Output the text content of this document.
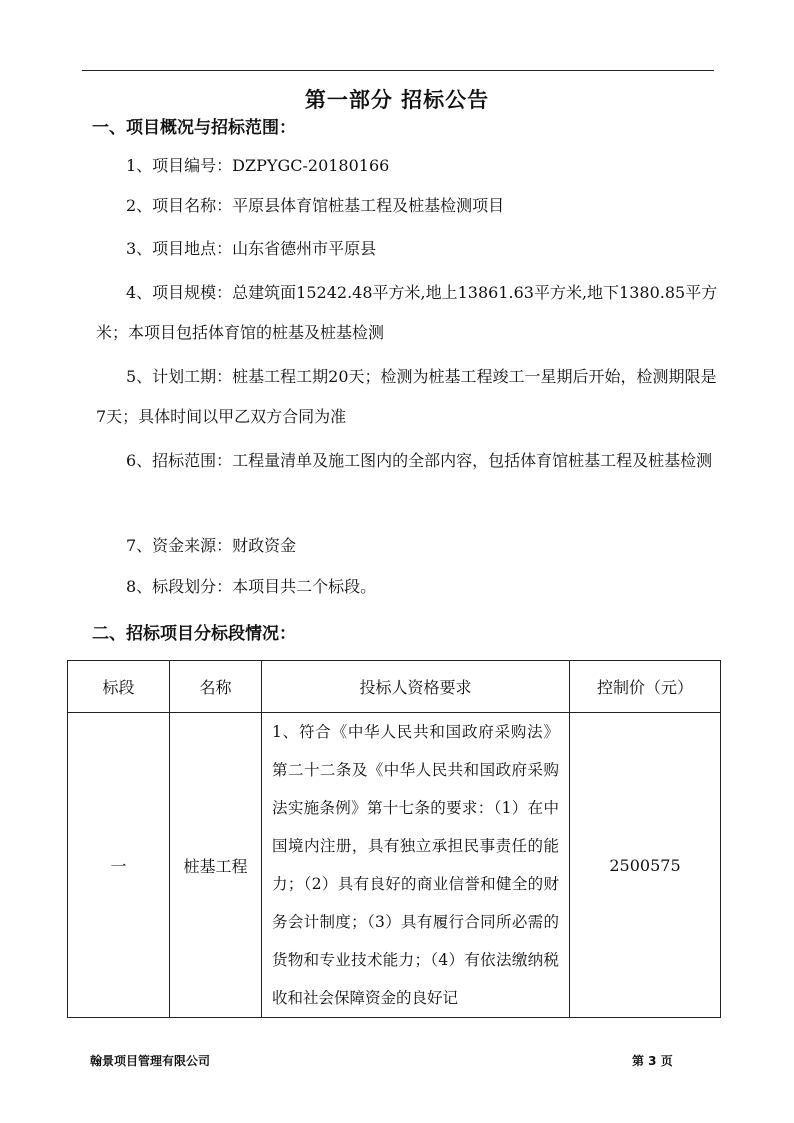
第一部分 招标公告
一、项目概况与招标范围：
1、项目编号：DZPYGC-20180166
2、项目名称：平原县体育馆桩基工程及桩基检测项目
3、项目地点：山东省德州市平原县
4、项目规模：总建筑面15242.48平方米,地上13861.63平方米,地下1380.85平方米；本项目包括体育馆的桩基及桩基检测
5、计划工期：桩基工程工期20天；检测为桩基工程竣工一星期后开始，检测期限是7天；具体时间以甲乙双方合同为准
6、招标范围：工程量清单及施工图内的全部内容，包括体育馆桩基工程及桩基检测
7、资金来源：财政资金
8、标段划分：本项目共二个标段。
二、招标项目分标段情况：
标段	名称	投标人资格要求	控制价（元）
一	桩基工程	1、符合《中华人民共和国政府采购法》第二十二条及《中华人民共和国政府采购法实施条例》第十七条的要求：（1）在中国境内注册，具有独立承担民事责任的能力；（2）具有良好的商业信誉和健全的财务会计制度；（3）具有履行合同所必需的货物和专业技术能力；（4）有依法缴纳税收和社会保障资金的良好记	2500575
翰景项目管理有限公司	第 3 页
